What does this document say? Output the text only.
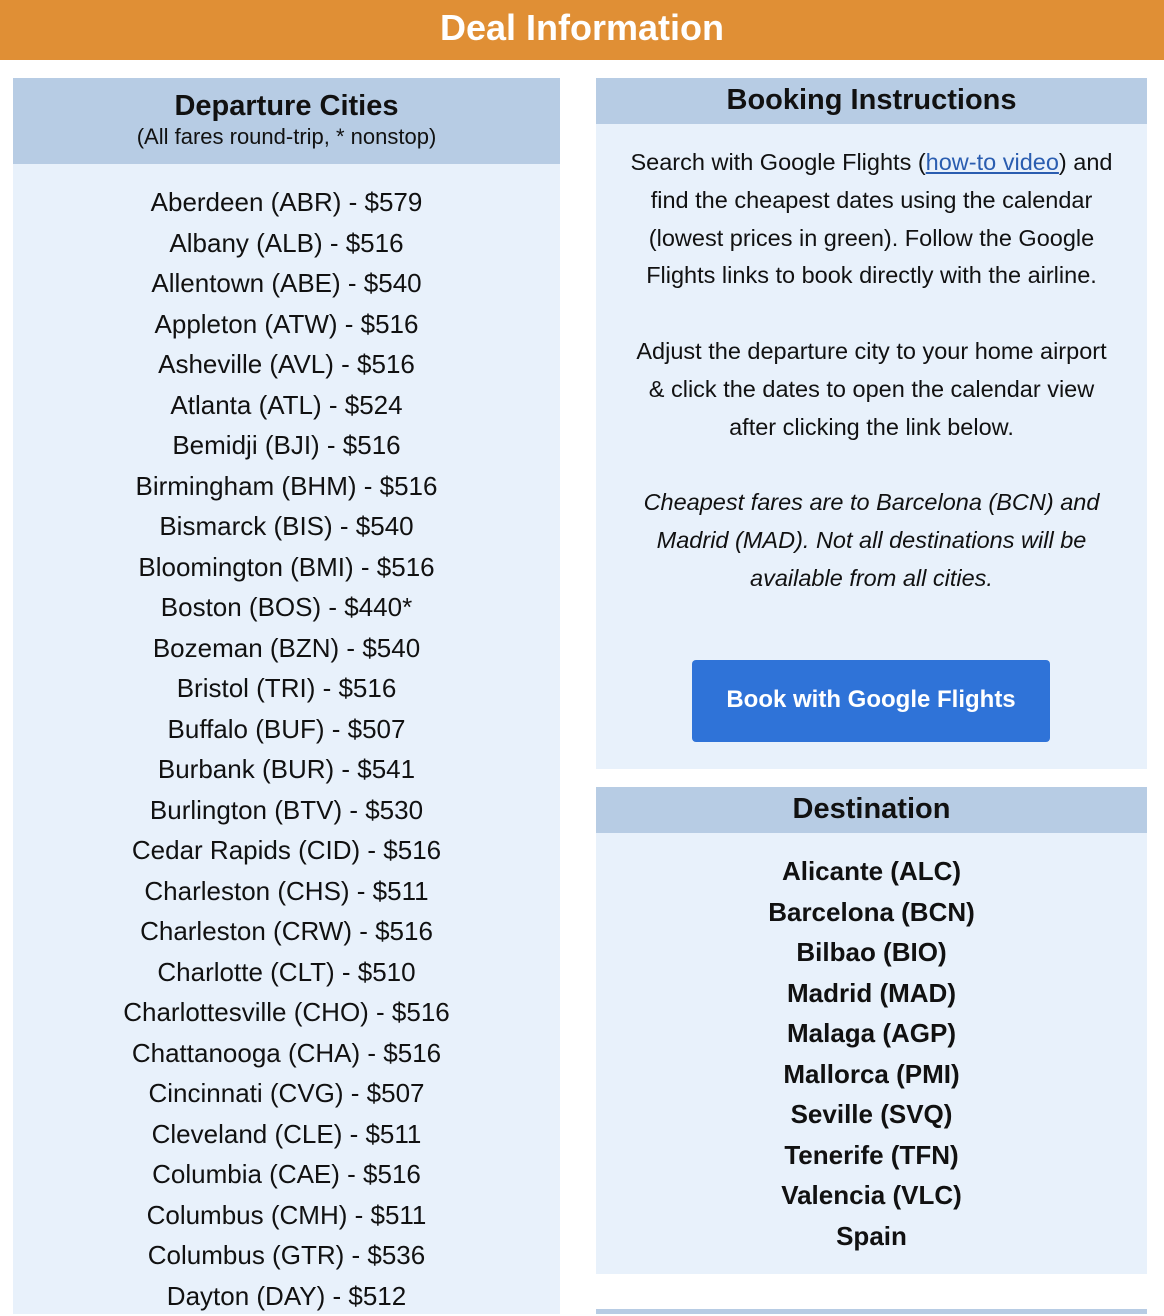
Deal Information
Departure Cities
(All fares round-trip, * nonstop)
Aberdeen (ABR) - $579
Albany (ALB) - $516
Allentown (ABE) - $540
Appleton (ATW) - $516
Asheville (AVL) - $516
Atlanta (ATL) - $524
Bemidji (BJI) - $516
Birmingham (BHM) - $516
Bismarck (BIS) - $540
Bloomington (BMI) - $516
Boston (BOS) - $440*
Bozeman (BZN) - $540
Bristol (TRI) - $516
Buffalo (BUF) - $507
Burbank (BUR) - $541
Burlington (BTV) - $530
Cedar Rapids (CID) - $516
Charleston (CHS) - $511
Charleston (CRW) - $516
Charlotte (CLT) - $510
Charlottesville (CHO) - $516
Chattanooga (CHA) - $516
Cincinnati (CVG) - $507
Cleveland (CLE) - $511
Columbia (CAE) - $516
Columbus (CMH) - $511
Columbus (GTR) - $536
Dayton (DAY) - $512
Booking Instructions

Search with Google Flights (how-to video) and find the cheapest dates using the calendar (lowest prices in green). Follow the Google Flights links to book directly with the airline.

Adjust the departure city to your home airport & click the dates to open the calendar view after clicking the link below.

Cheapest fares are to Barcelona (BCN) and Madrid (MAD). Not all destinations will be available from all cities.

Book with Google Flights
Destination
Alicante (ALC)
Barcelona (BCN)
Bilbao (BIO)
Madrid (MAD)
Malaga (AGP)
Mallorca (PMI)
Seville (SVQ)
Tenerife (TFN)
Valencia (VLC)
Spain
